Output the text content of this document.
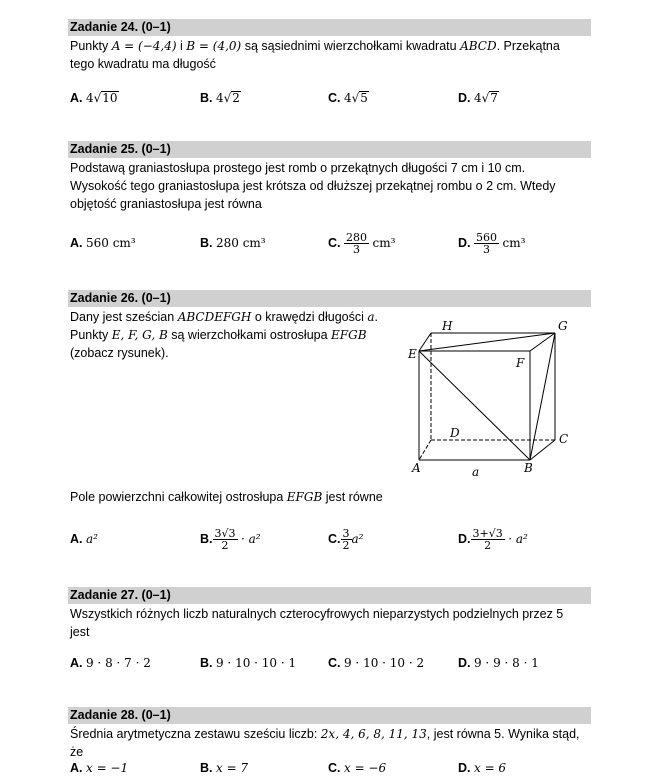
Zadanie 24. (0–1)
Punkty A = (−4,4) i B = (4,0) są sąsiednimi wierzchołkami kwadratu ABCD. Przekątna
tego kwadratu ma długość
A. 4√10	B. 4√2	C. 4√5	D. 4√7
Zadanie 25. (0–1)
Podstawą graniastosłupa prostego jest romb o przekątnych długości 7 cm i 10 cm.
Wysokość tego graniastosłupa jest krótsza od dłuższej przekątnej rombu o 2 cm. Wtedy
objętość graniastosłupa jest równa
A. 560 cm³	B. 280 cm³	C. $\frac{280}{3} cm^3$	D. $\frac{560}{3} cm^3$
Zadanie 26. (0–1)
Dany jest sześcian ABCDEFGH o krawędzi długości a.
Punkty E, F, G, B są wierzchołkami ostrosłupa EFGB
(zobacz rysunek).
H	G
E
F
D	C
A	B
a
Pole powierzchni całkowitej ostrosłupa EFGB jest równe
A. a²	B. $\frac{3√3}{2} \cdot a^2$	C. $\frac{3}{2} a^2$	D. $\frac{3+√3}{2} \cdot a^2$
Zadanie 27. (0–1)
Wszystkich różnych liczb naturalnych czterocyfrowych nieparzystych podzielnych przez 5
jest
A. 9 · 8 · 7 · 2	B. 9 · 10 · 10 · 1	C. 9 · 10 · 10 · 2	D. 9 · 9 · 8 · 1
Zadanie 28. (0–1)
Średnia arytmetyczna zestawu sześciu liczb: 2x, 4, 6, 8, 11, 13, jest równa 5. Wynika stąd, że
A. x = −1	B. x = 7	C. x = −6	D. x = 6
